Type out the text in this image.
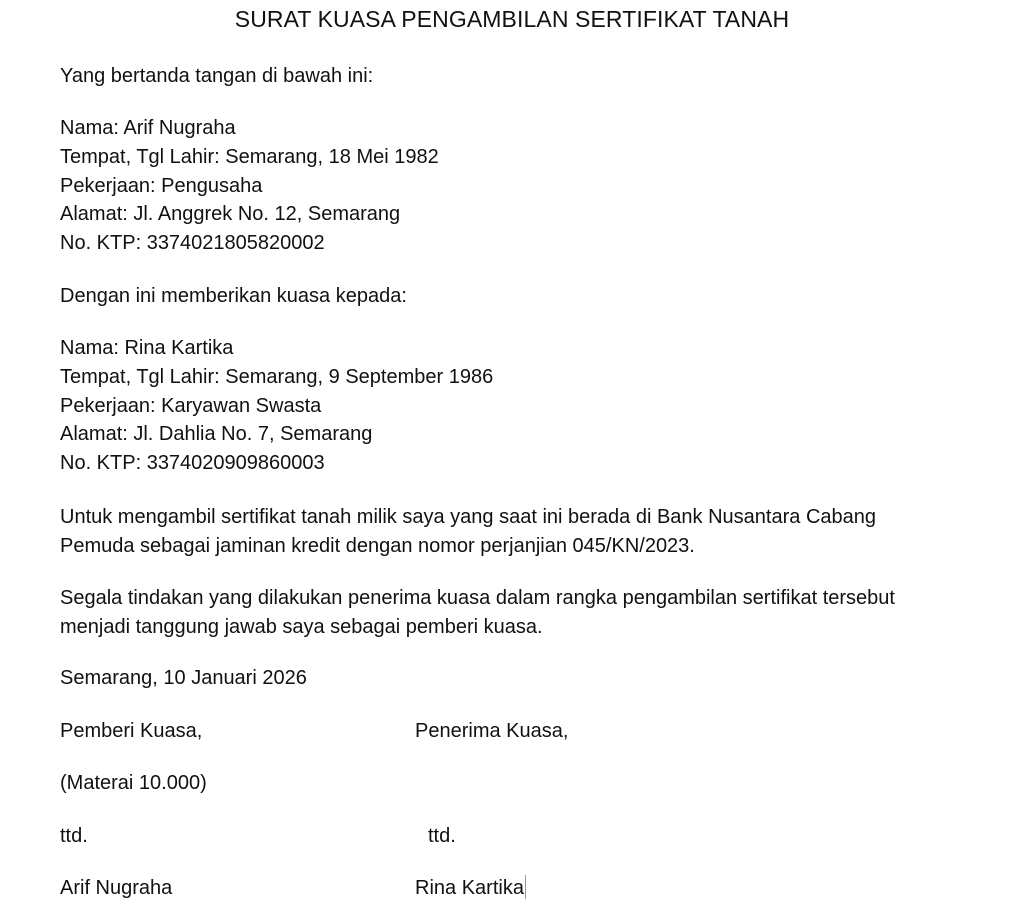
SURAT KUASA PENGAMBILAN SERTIFIKAT TANAH
Yang bertanda tangan di bawah ini:
Nama: Arif Nugraha
Tempat, Tgl Lahir: Semarang, 18 Mei 1982
Pekerjaan: Pengusaha
Alamat: Jl. Anggrek No. 12, Semarang
No. KTP: 3374021805820002
Dengan ini memberikan kuasa kepada:
Nama: Rina Kartika
Tempat, Tgl Lahir: Semarang, 9 September 1986
Pekerjaan: Karyawan Swasta
Alamat: Jl. Dahlia No. 7, Semarang
No. KTP: 3374020909860003
Untuk mengambil sertifikat tanah milik saya yang saat ini berada di Bank Nusantara Cabang
Pemuda sebagai jaminan kredit dengan nomor perjanjian 045/KN/2023.
Segala tindakan yang dilakukan penerima kuasa dalam rangka pengambilan sertifikat tersebut
menjadi tanggung jawab saya sebagai pemberi kuasa.
Semarang, 10 Januari 2026
Pemberi Kuasa,	Penerima Kuasa,
(Materai 10.000)
ttd.	ttd.
Arif Nugraha	Rina Kartika
